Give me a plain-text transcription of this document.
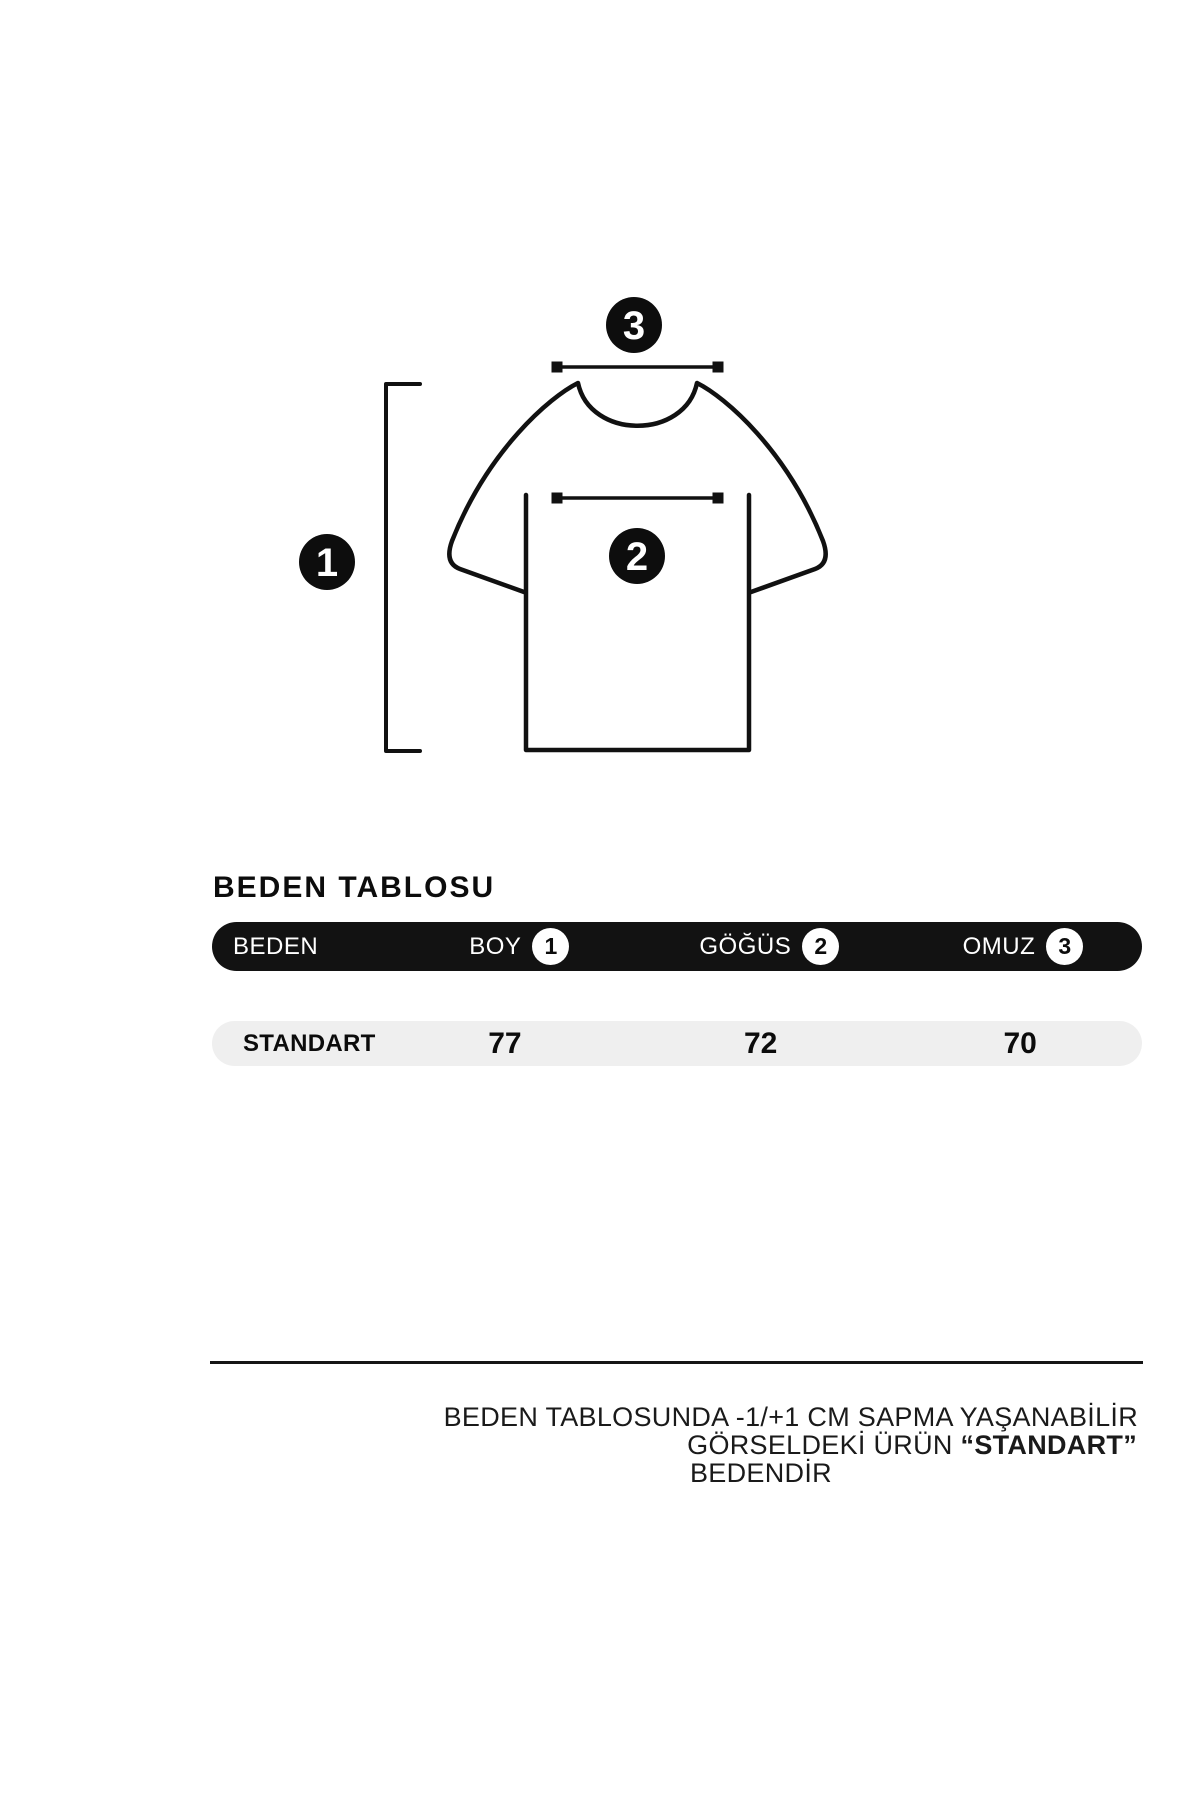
1	2
3
BEDEN TABLOSU
BEDEN	BOY	1	GÖĞÜS	2	OMUZ	3
STANDART	77	72	70
BEDEN TABLOSUNDA -1/+1 CM SAPMA YAŞANABİLİR
GÖRSELDEKİ ÜRÜN “STANDART”
BEDENDİR
